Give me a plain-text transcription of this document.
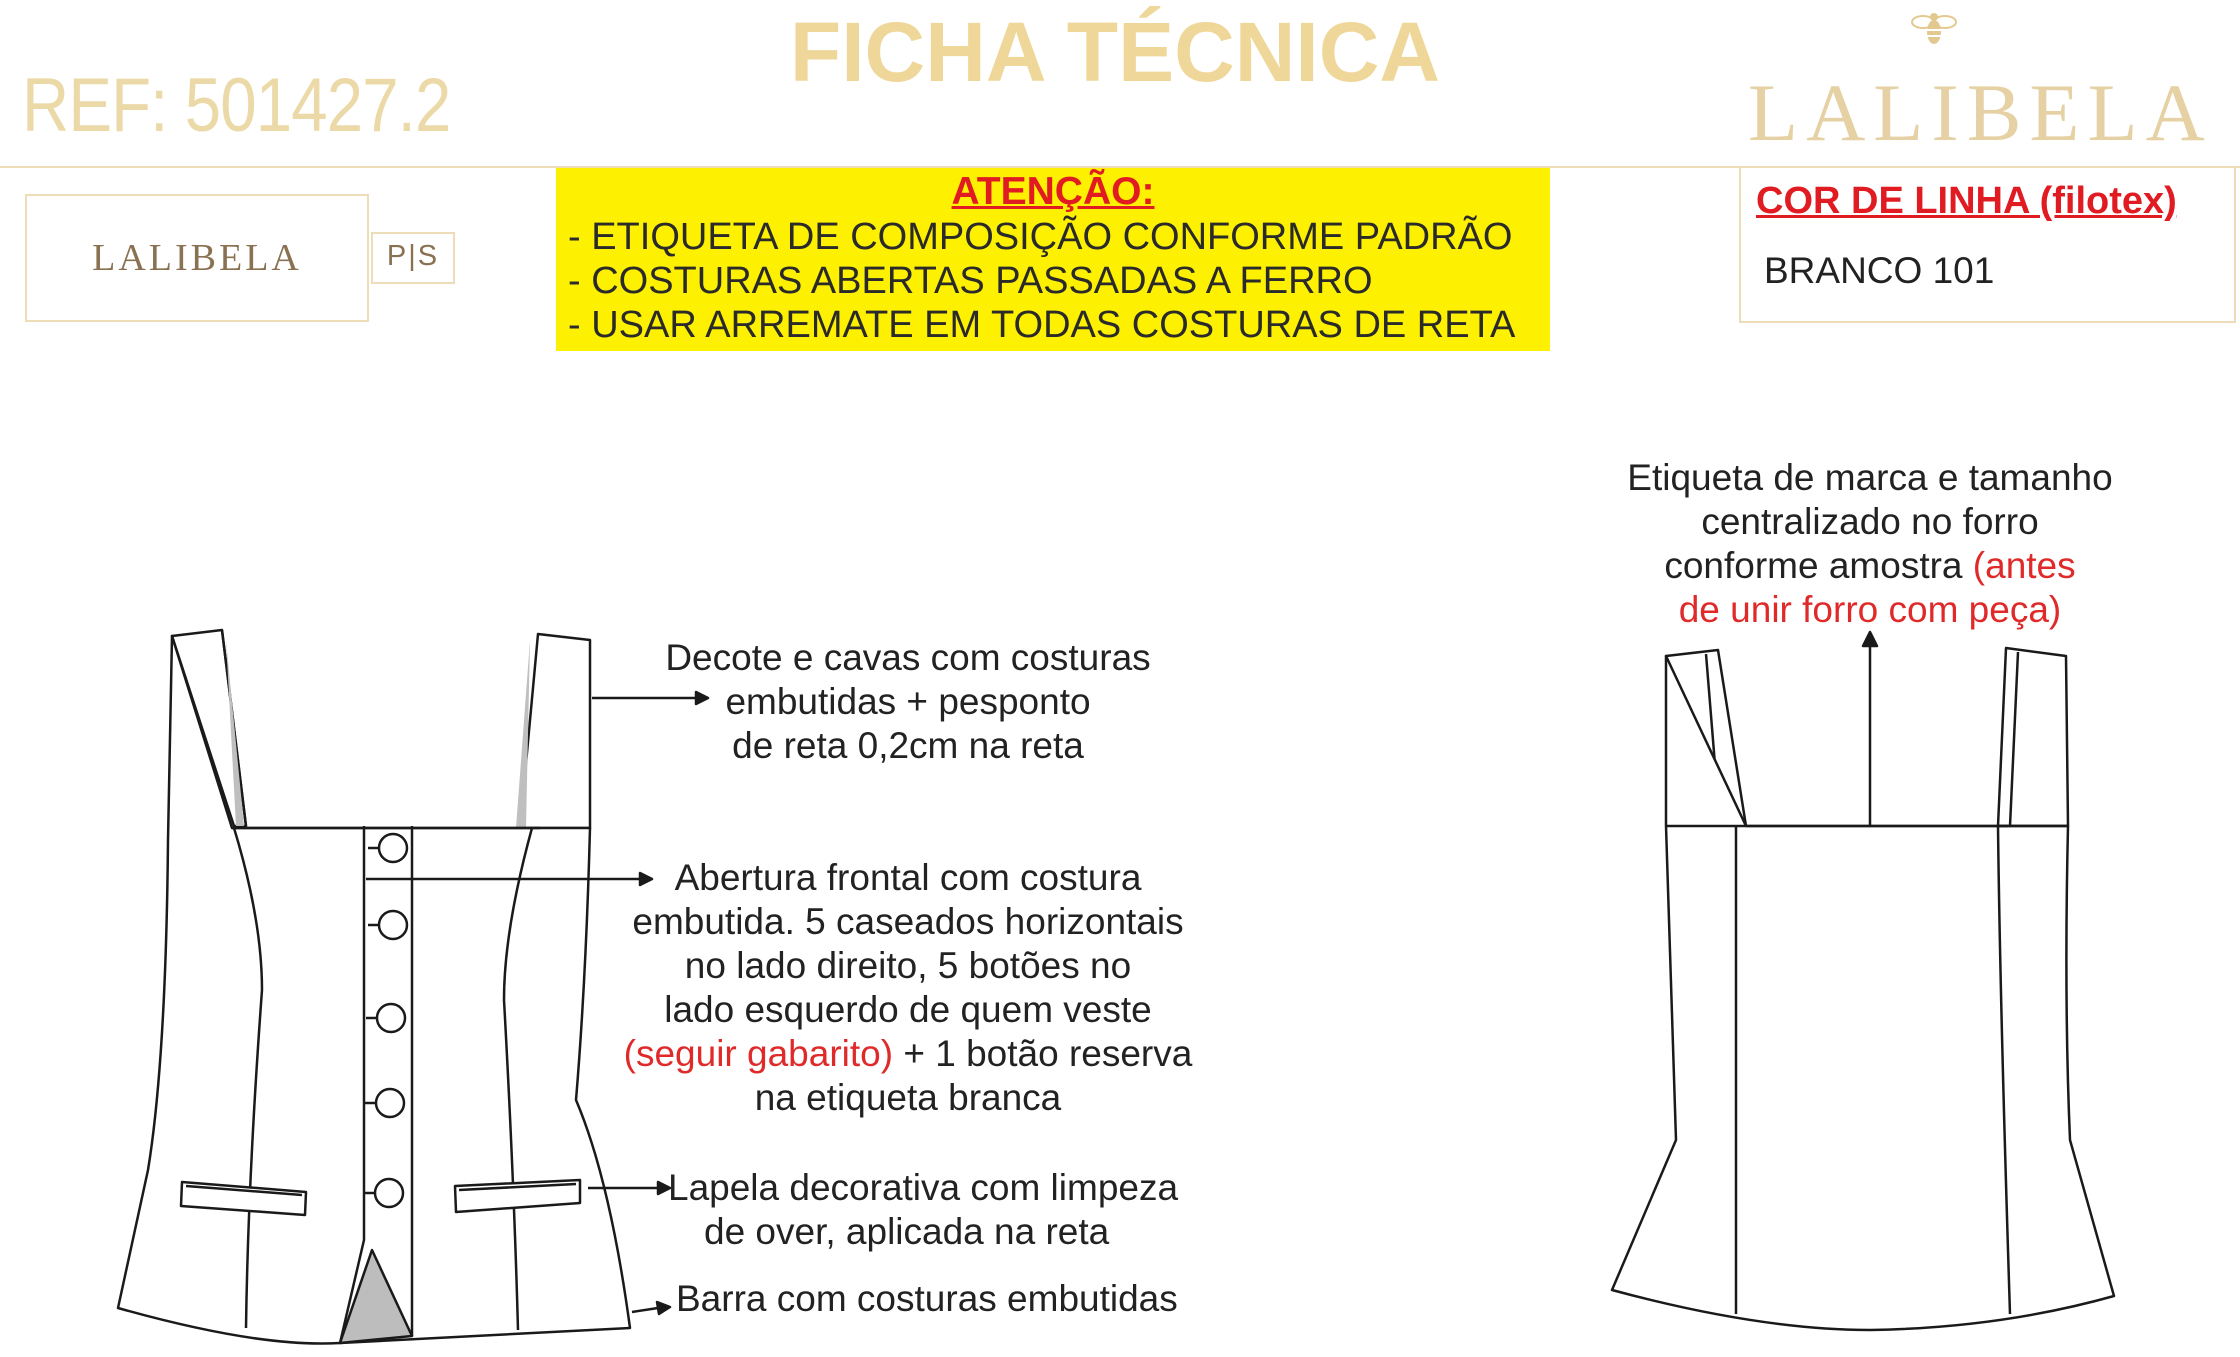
REF: 501427.2
FICHA TÉCNICA
LALIBELA
LALIBELA	P|S
ATENÇÃO:
- ETIQUETA DE COMPOSIÇÃO CONFORME PADRÃO
- COSTURAS ABERTAS PASSADAS A FERRO
- USAR ARREMATE EM TODAS COSTURAS DE RETA
COR DE LINHA (filotex)
BRANCO 101
Decote e cavas com costuras
embutidas + pesponto
de reta 0,2cm na reta
Abertura frontal com costura
embutida. 5 caseados horizontais
no lado direito, 5 botões no
lado esquerdo de quem veste
(seguir gabarito) + 1 botão reserva
na etiqueta branca
Lapela decorativa com limpeza
de over, aplicada na reta
Barra com costuras embutidas
Etiqueta de marca e tamanho
centralizado no forro
conforme amostra (antes
de unir forro com peça)
